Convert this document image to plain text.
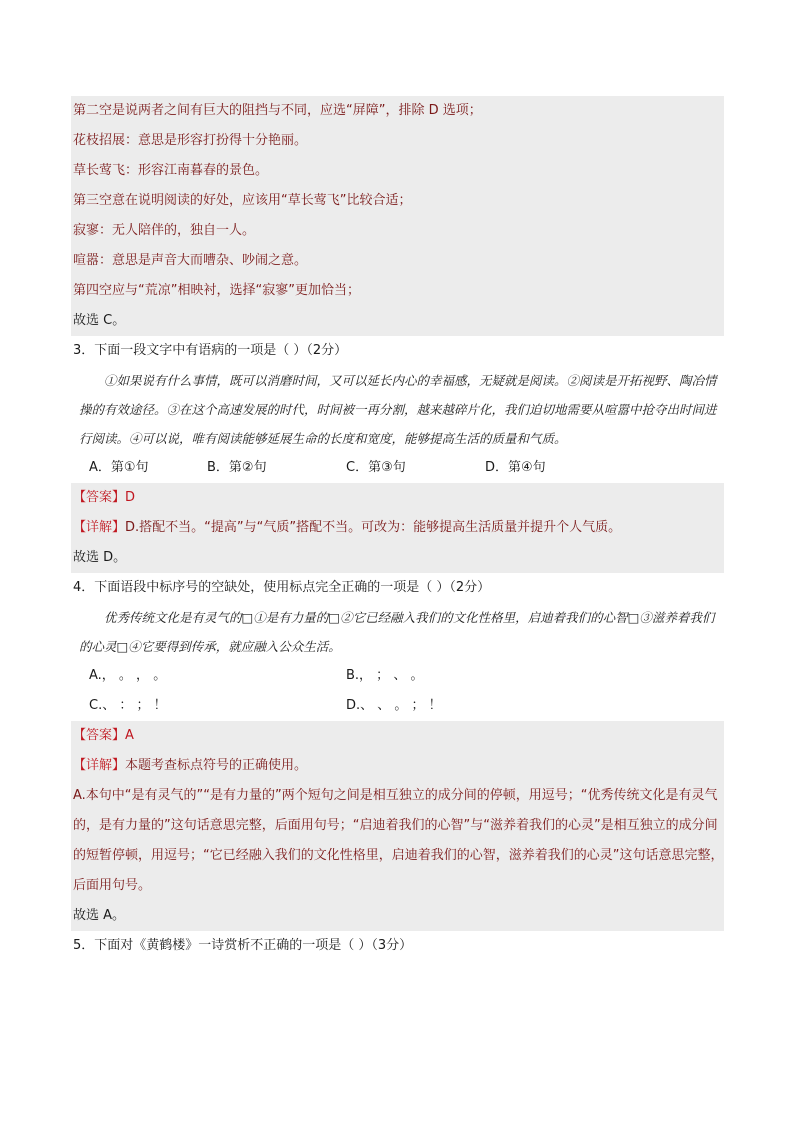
第二空是说两者之间有巨大的阻挡与不同，应选“屏障”，排除 D 选项；
花枝招展：意思是形容打扮得十分艳丽。
草长莺飞：形容江南暮春的景色。
第三空意在说明阅读的好处，应该用“草长莺飞”比较合适；
寂寥：无人陪伴的，独自一人。
喧嚣：意思是声音大而嘈杂、吵闹之意。
第四空应与“荒凉”相映衬，选择“寂寥”更加恰当；
故选 C。
3．下面一段文字中有语病的一项是（ ）（2分）

①如果说有什么事情，既可以消磨时间，又可以延长内心的幸福感，无疑就是阅读。②阅读是开拓视野、陶冶情操的有效途径。③在这个高速发展的时代，时间被一再分割，越来越碎片化，我们迫切地需要从喧嚣中抢夺出时间进行阅读。④可以说，唯有阅读能够延展生命的长度和宽度，能够提高生活的质量和气质。

A．第①句	B．第②句	C．第③句	D．第④句
【答案】D
【详解】D.搭配不当。“提高”与“气质”搭配不当。可改为：能够提高生活质量并提升个人气质。
故选 D。
4．下面语段中标序号的空缺处，使用标点完全正确的一项是（ ）（2分）

优秀传统文化是有灵气的□①是有力量的□②它已经融入我们的文化性格里，启迪着我们的心智□③滋养着我们的心灵□④它要得到传承，就应融入公众生活。

A.， 。 ， 。	B.， ； 、 。
C.、 ： ； ！	D.、 、 。 ； ！
【答案】A
【详解】本题考查标点符号的正确使用。
A.本句中“是有灵气的”“是有力量的”两个短句之间是相互独立的成分间的停顿，用逗号；“优秀传统文化是有灵气的，是有力量的”这句话意思完整，后面用句号；“启迪着我们的心智”与“滋养着我们的心灵”是相互独立的成分间的短暂停顿，用逗号；“它已经融入我们的文化性格里，启迪着我们的心智，滋养着我们的心灵”这句话意思完整，后面用句号。
故选 A。
5．下面对《黄鹤楼》一诗赏析不正确的一项是（ ）（3分）
